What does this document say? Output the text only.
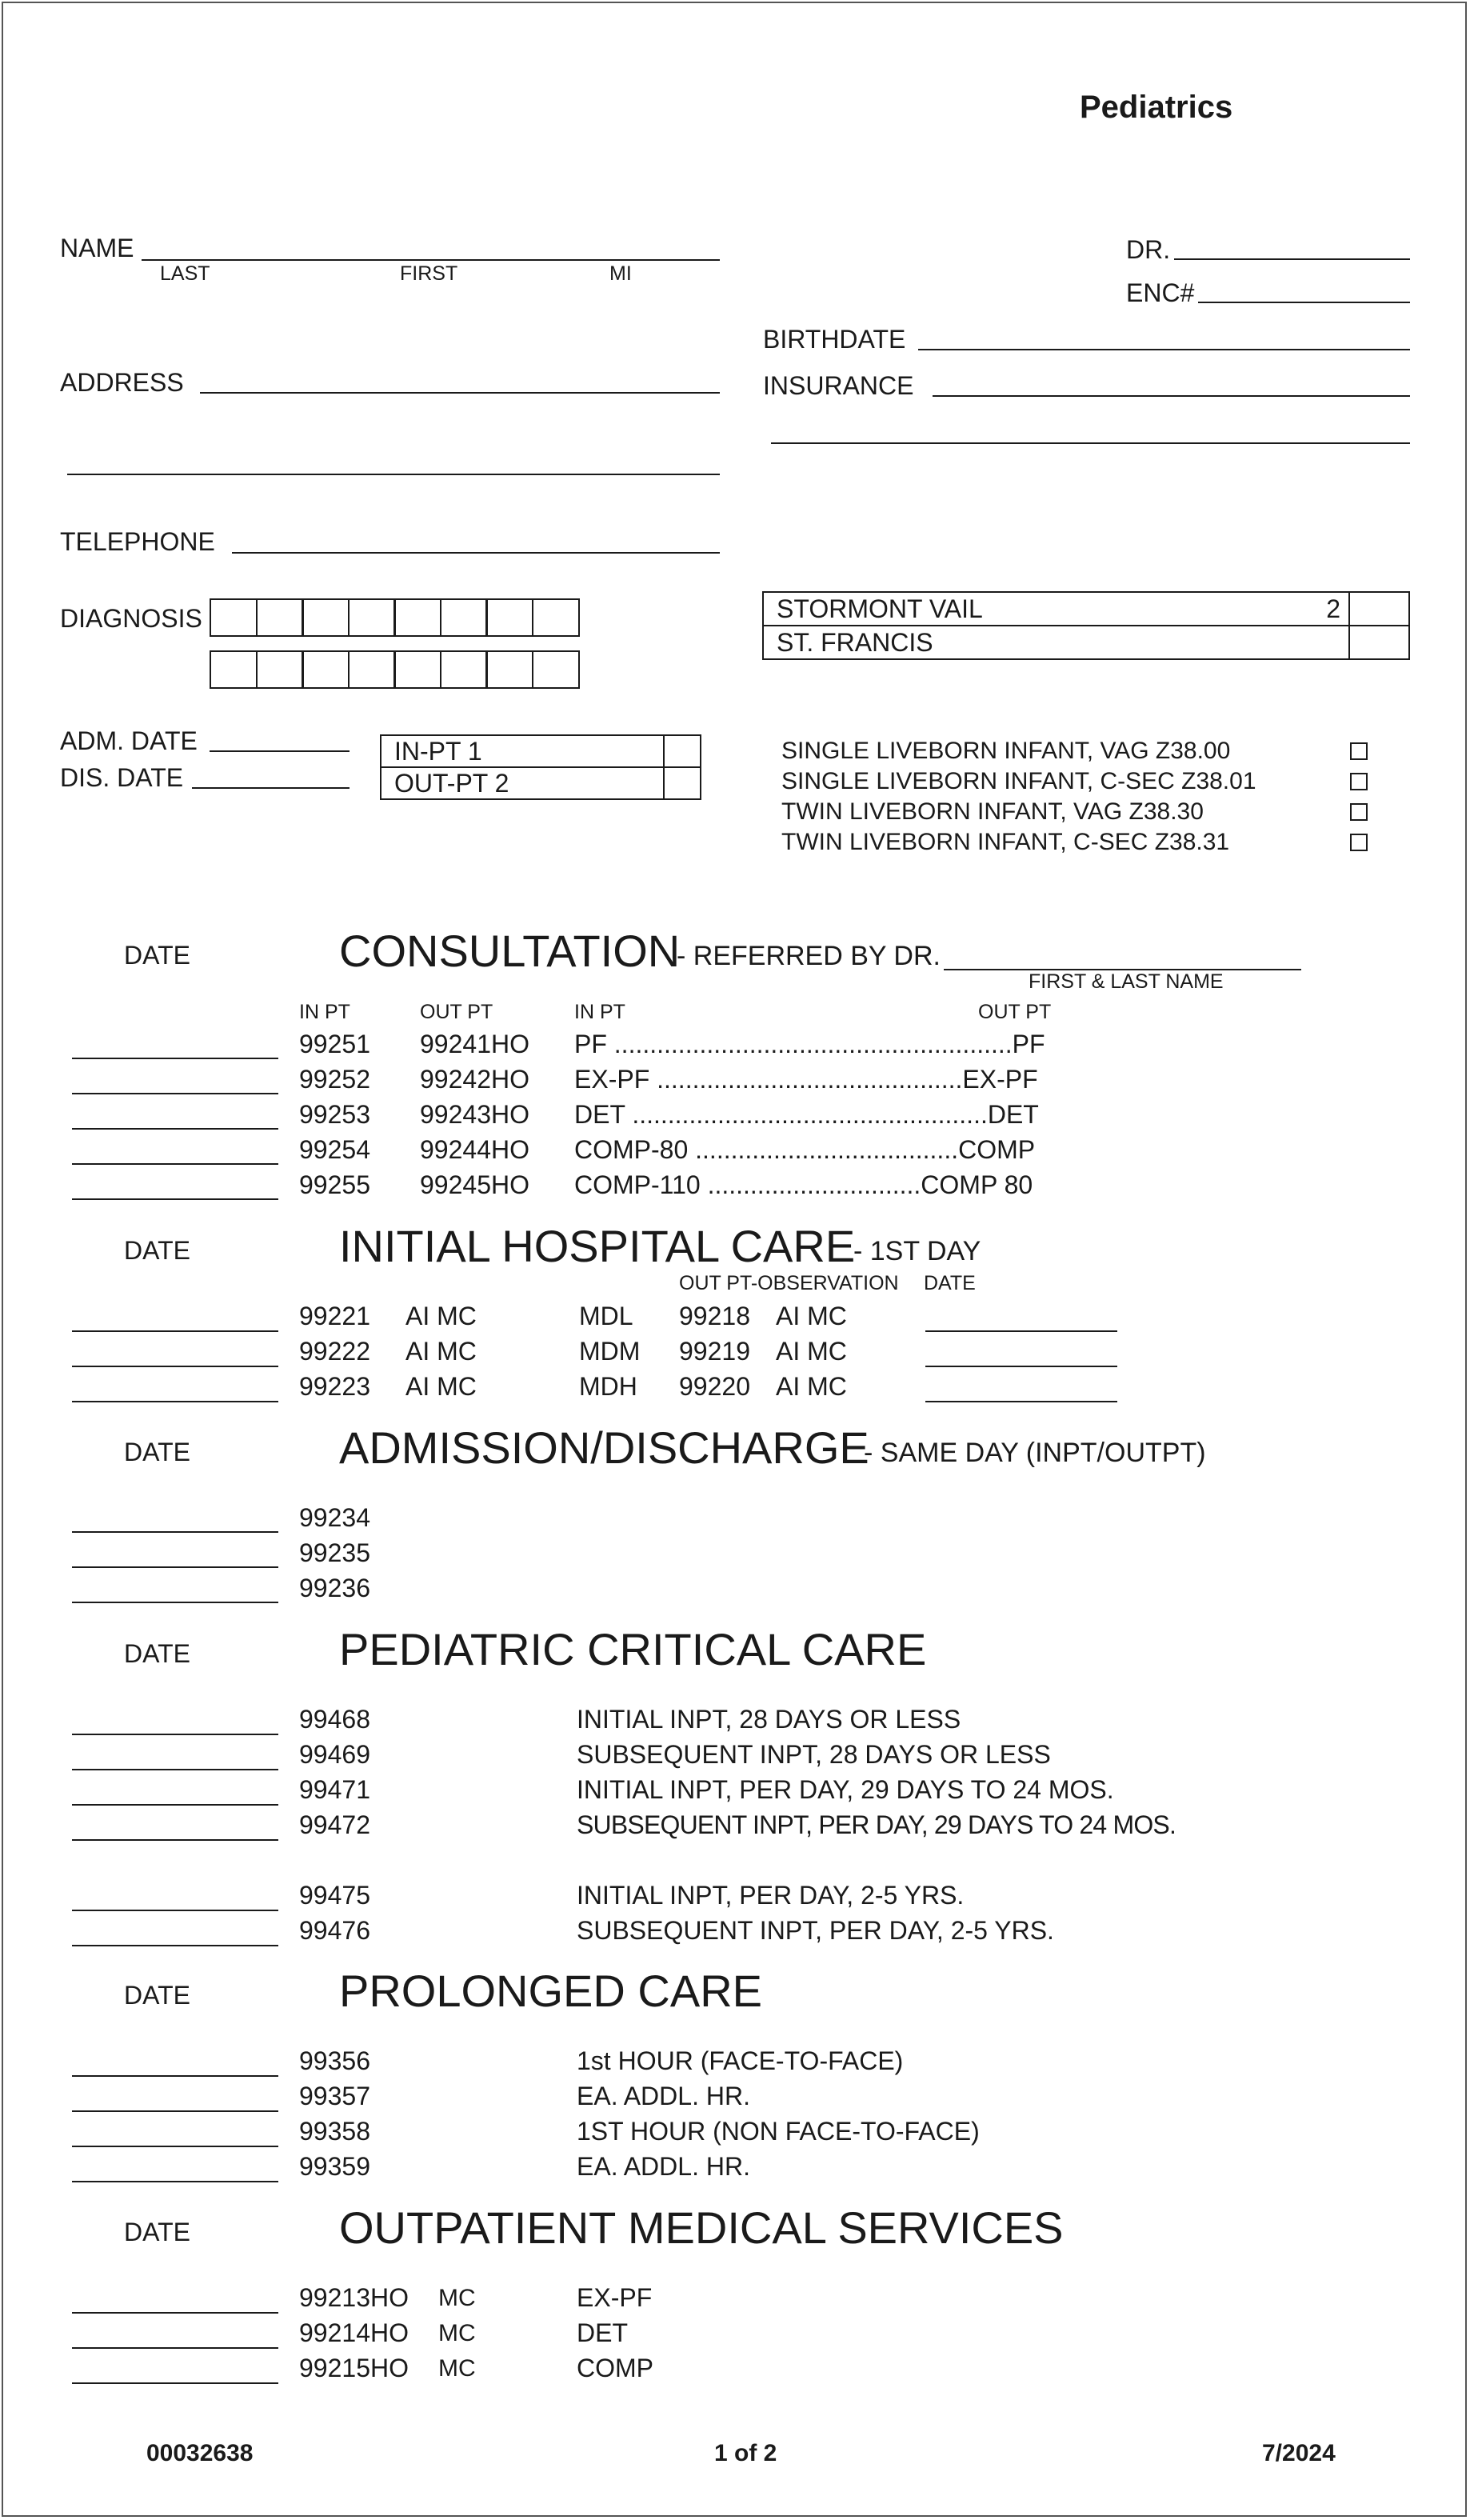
Pediatrics
NAME
LAST	FIRST	MI
DR.
ENC#
BIRTHDATE
INSURANCE
ADDRESS
TELEPHONE
DIAGNOSIS	STORMONT VAIL 2	

ST. FRANCIS	
ADM. DATE
DIS. DATE
IN-PT 1	
OUT-PT 2	
SINGLE LIVEBORN INFANT, VAG Z38.00
SINGLE LIVEBORN INFANT, C-SEC Z38.01
TWIN LIVEBORN INFANT, VAG Z38.30
TWIN LIVEBORN INFANT, C-SEC Z38.31
DATE	CONSULTATION
- REFERRED BY DR.
FIRST & LAST NAME
IN PT	OUT PT	IN PT	OUT PT
99251 99241HO PF ........................................................PF
99252 99242HO EX-PF ...........................................EX-PF
99253 99243HO DET ..................................................DET
99254 99244HO COMP-80 .....................................COMP
99255 99245HO COMP-110 ..............................COMP 80
DATE	INITIAL HOSPITAL CARE
- 1ST DAY
OUT PT-OBSERVATION DATE
99221 AI MC	MDL 99218 AI MC
99222 AI MC	MDM 99219 AI MC
99223 AI MC	MDH 99220 AI MC
DATE	ADMISSION/DISCHARGE
- SAME DAY (INPT/OUTPT)
99234
99235
99236
DATE	PEDIATRIC CRITICAL CARE
99468	INITIAL INPT, 28 DAYS OR LESS
99469	SUBSEQUENT INPT, 28 DAYS OR LESS
99471	INITIAL INPT, PER DAY, 29 DAYS TO 24 MOS.
99472	SUBSEQUENT INPT, PER DAY, 29 DAYS TO 24 MOS.
99475	INITIAL INPT, PER DAY, 2-5 YRS.
99476	SUBSEQUENT INPT, PER DAY, 2-5 YRS.
DATE	PROLONGED CARE
99356	1st HOUR (FACE-TO-FACE)
99357	EA. ADDL. HR.
99358	1ST HOUR (NON FACE-TO-FACE)
99359	EA. ADDL. HR.
DATE	OUTPATIENT MEDICAL SERVICES
99213HO MC	EX-PF
99214HO MC	DET
99215HO MC	COMP
00032638	1 of 2	7/2024
